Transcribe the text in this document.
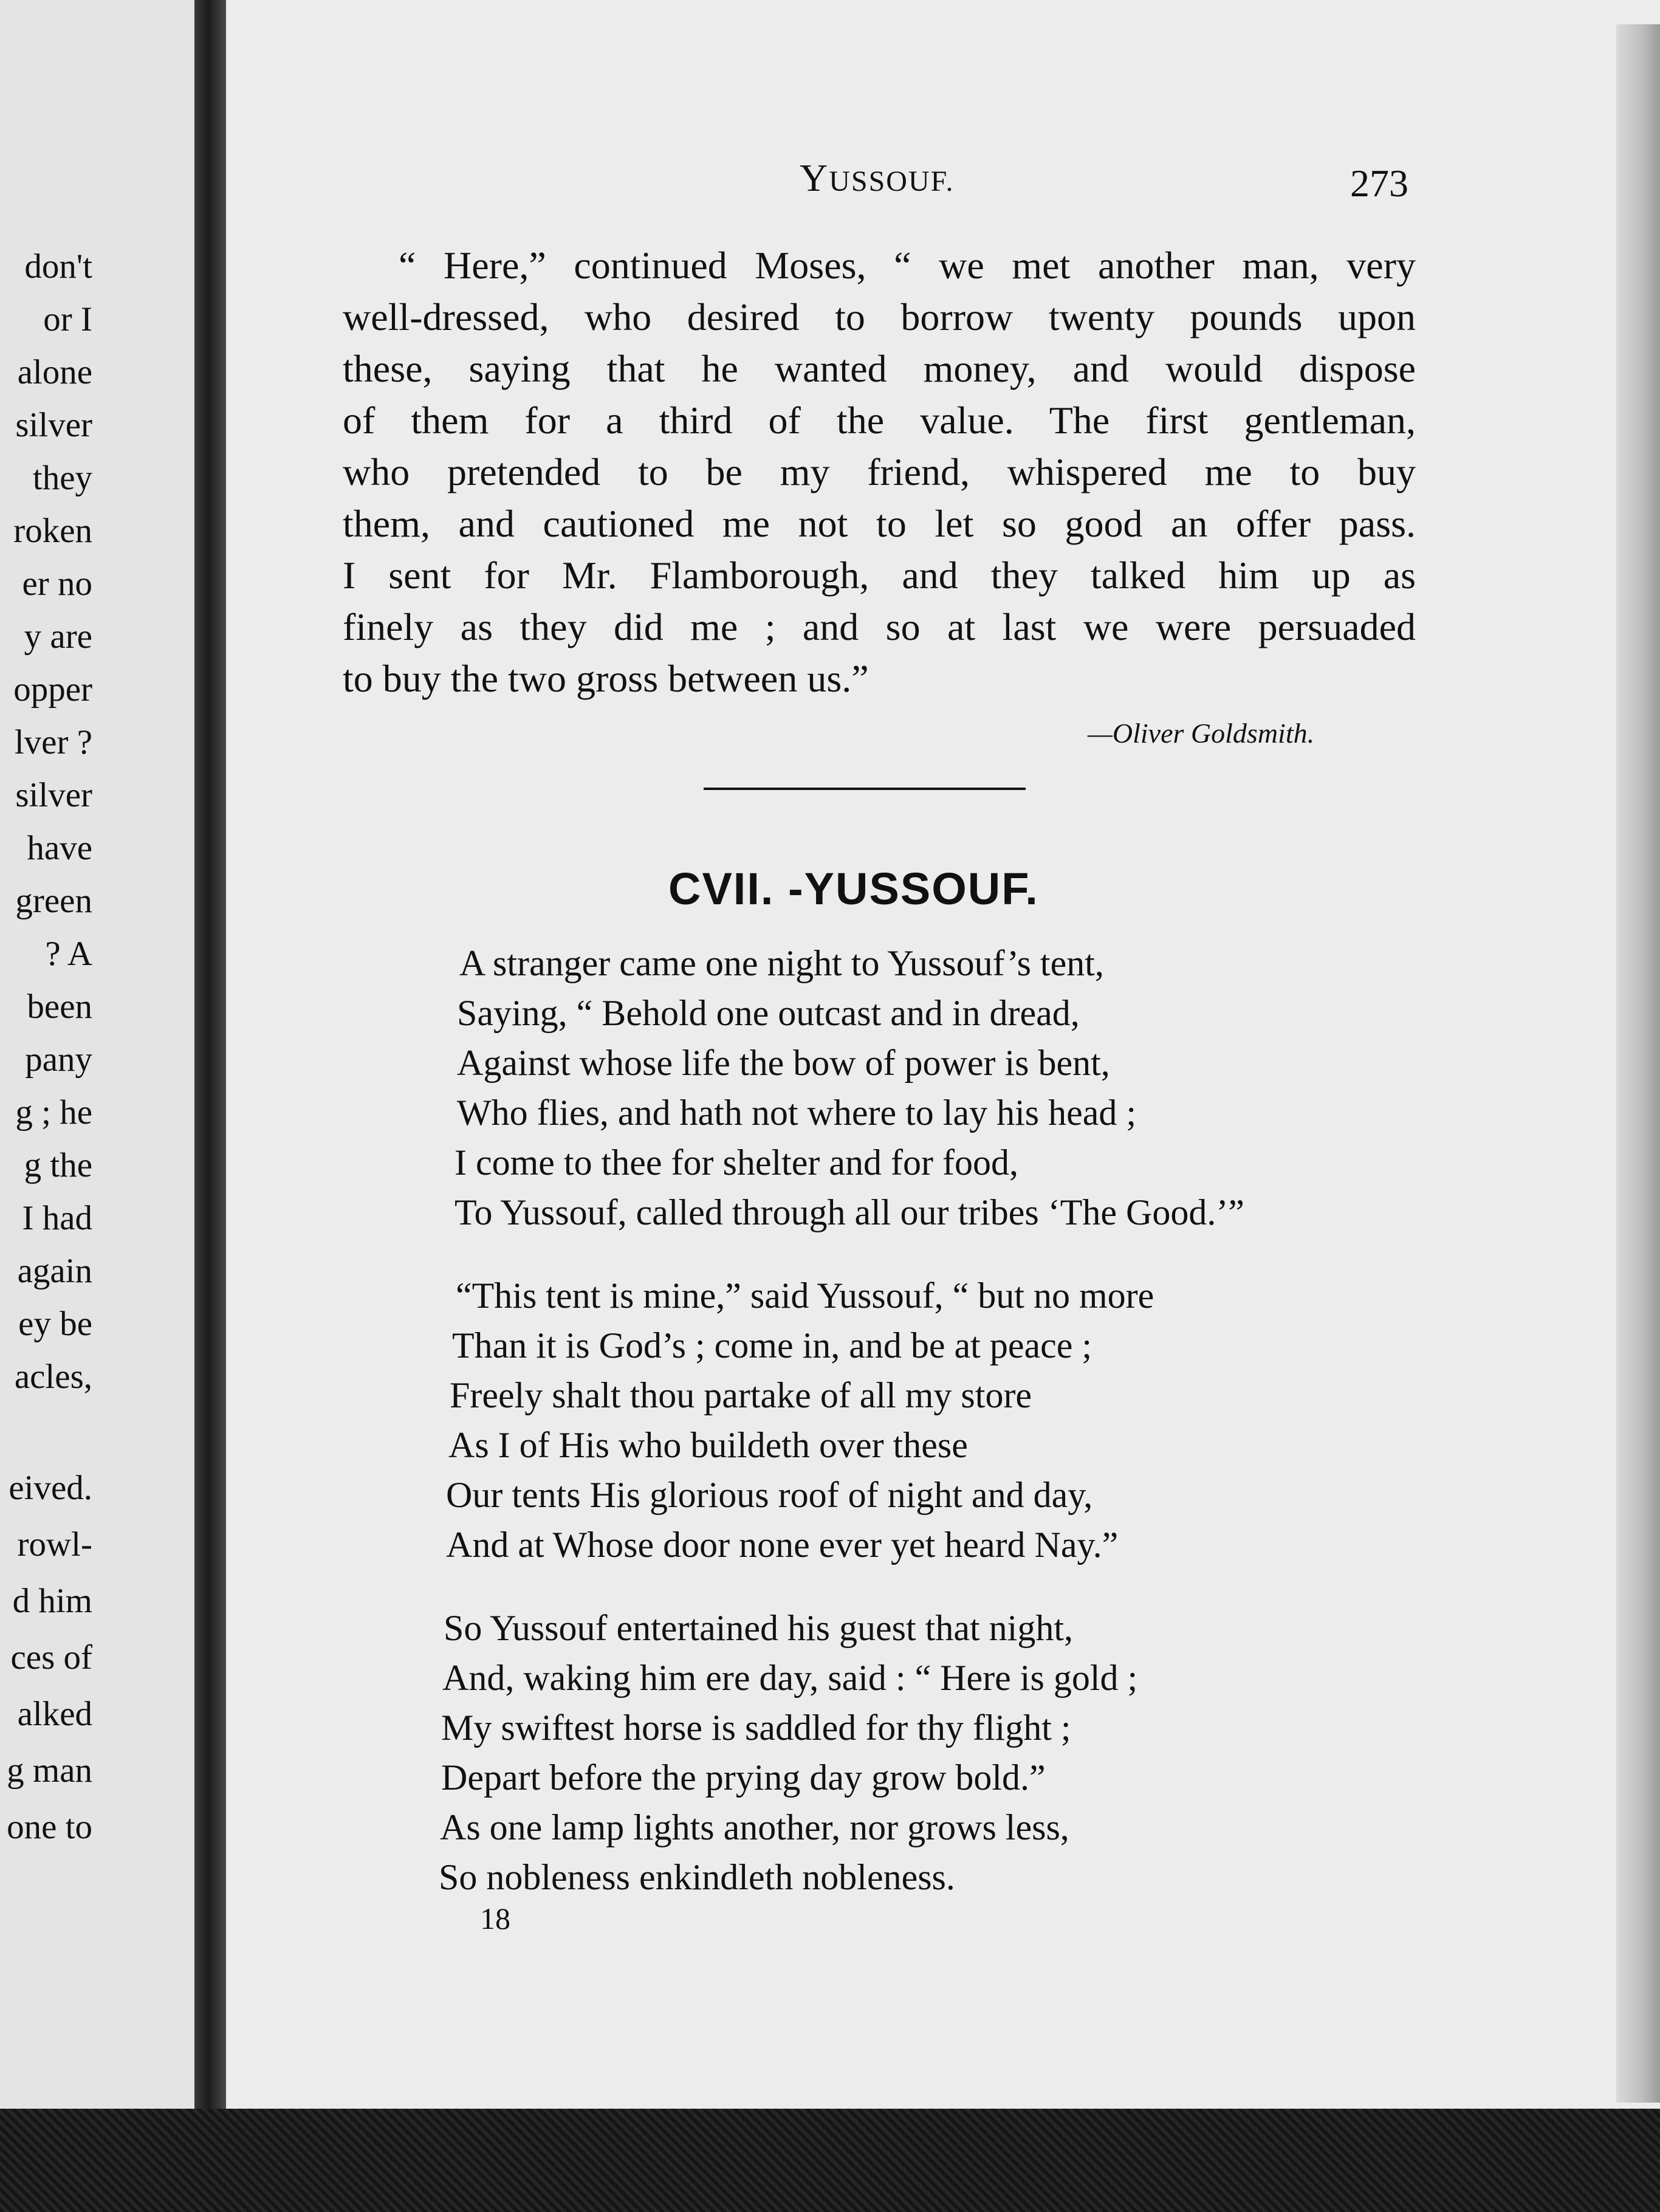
don't
or I
alone
silver
they
roken
er no
y are
opper
lver ?
silver
have
green
? A
been
pany
g ; he
g the
I had
again
ey be
acles,
eived.
rowl-
d him
ces of
alked
g man
one to
YUSSOUF.	273
“ Here,” continued Moses, “ we met another man, very
well-dressed, who desired to borrow twenty pounds upon
these, saying that he wanted money, and would dispose
of them for a third of the value. The first gentleman,
who pretended to be my friend, whispered me to buy
them, and cautioned me not to let so good an offer pass.
I sent for Mr. Flamborough, and they talked him up as
finely as they did me ; and so at last we were persuaded
to buy the two gross between us.”
—Oliver Goldsmith.
CVII. -YUSSOUF.
A stranger came one night to Yussouf’s tent,
Saying, “ Behold one outcast and in dread,
Against whose life the bow of power is bent,
Who flies, and hath not where to lay his head ;
I come to thee for shelter and for food,
To Yussouf, called through all our tribes ‘The Good.’”
“This tent is mine,” said Yussouf, “ but no more
Than it is God’s ; come in, and be at peace ;
Freely shalt thou partake of all my store
As I of His who buildeth over these
Our tents His glorious roof of night and day,
And at Whose door none ever yet heard Nay.”
So Yussouf entertained his guest that night,
And, waking him ere day, said : “ Here is gold ;
My swiftest horse is saddled for thy flight ;
Depart before the prying day grow bold.”
As one lamp lights another, nor grows less,
So nobleness enkindleth nobleness.
18
